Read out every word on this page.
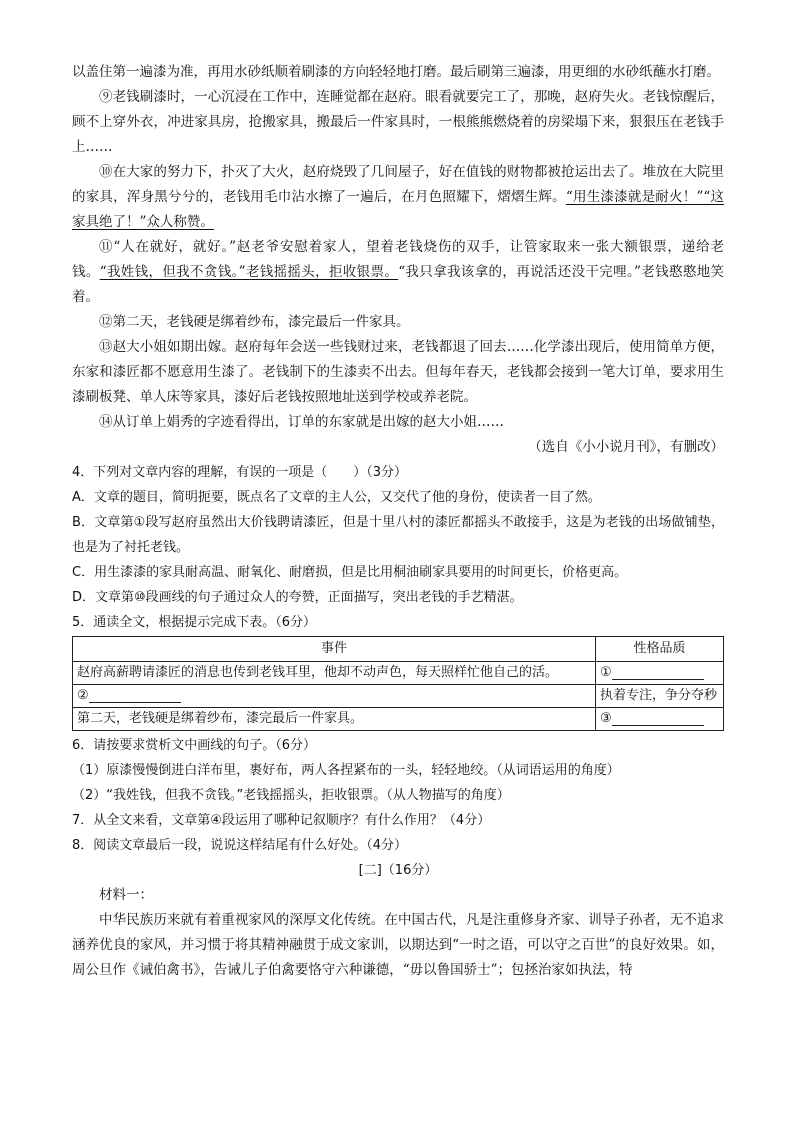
以盖住第一遍漆为准，再用水砂纸顺着刷漆的方向轻轻地打磨。最后刷第三遍漆，用更细的水砂纸蘸水打磨。

⑨老钱刷漆时，一心沉浸在工作中，连睡觉都在赵府。眼看就要完工了，那晚，赵府失火。老钱惊醒后，顾不上穿外衣，冲进家具房，抢搬家具，搬最后一件家具时，一根熊熊燃烧着的房梁塌下来，狠狠压在老钱手上……

⑩在大家的努力下，扑灭了大火，赵府烧毁了几间屋子，好在值钱的财物都被抢运出去了。堆放在大院里的家具，浑身黑兮兮的，老钱用毛巾沾水擦了一遍后，在月色照耀下，熠熠生辉。“用生漆漆就是耐火！”“这家具绝了！”众人称赞。

⑪“人在就好，就好。”赵老爷安慰着家人，望着老钱烧伤的双手，让管家取来一张大额银票，递给老钱。“我姓钱，但我不贪钱。”老钱摇摇头，拒收银票。“我只拿我该拿的，再说活还没干完哩。”老钱憨憨地笑着。

⑫第二天，老钱硬是绑着纱布，漆完最后一件家具。

⑬赵大小姐如期出嫁。赵府每年会送一些钱财过来，老钱都退了回去……化学漆出现后，使用简单方便，东家和漆匠都不愿意用生漆了。老钱制下的生漆卖不出去。但每年春天，老钱都会接到一笔大订单，要求用生漆刷板凳、单人床等家具，漆好后老钱按照地址送到学校或养老院。

⑭从订单上娟秀的字迹看得出，订单的东家就是出嫁的赵大小姐……

（选自《小小说月刊》，有删改）

4．下列对文章内容的理解，有误的一项是（　　）（3分）

A．文章的题目，简明扼要，既点名了文章的主人公，又交代了他的身份，使读者一目了然。

B．文章第①段写赵府虽然出大价钱聘请漆匠，但是十里八村的漆匠都摇头不敢接手，这是为老钱的出场做铺垫，也是为了衬托老钱。

C．用生漆漆的家具耐高温、耐氧化、耐磨损，但是比用桐油刷家具要用的时间更长，价格更高。

D．文章第⑩段画线的句子通过众人的夸赞，正面描写，突出老钱的手艺精湛。

5．通读全文，根据提示完成下表。（6分）

事件	性格品质
赵府高薪聘请漆匠的消息也传到老钱耳里，他却不动声色，每天照样忙他自己的活。	①
②	执着专注，争分夺秒
第二天，老钱硬是绑着纱布，漆完最后一件家具。	③

6．请按要求赏析文中画线的句子。（6分）

（1）原漆慢慢倒进白洋布里，裹好布，两人各捏紧布的一头，轻轻地绞。（从词语运用的角度）

（2）“我姓钱，但我不贪钱。”老钱摇摇头，拒收银票。（从人物描写的角度）

7．从全文来看，文章第④段运用了哪种记叙顺序？有什么作用？（4分）

8．阅读文章最后一段，说说这样结尾有什么好处。（4分）

[二]（16分）

材料一：

中华民族历来就有着重视家风的深厚文化传统。在中国古代，凡是注重修身齐家、训导子孙者，无不追求涵养优良的家风，并习惯于将其精神融贯于成文家训，以期达到“一时之语，可以守之百世”的良好效果。如，周公旦作《诫伯禽书》，告诫儿子伯禽要恪守六种谦德，“毋以鲁国骄士”；包拯治家如执法，特
